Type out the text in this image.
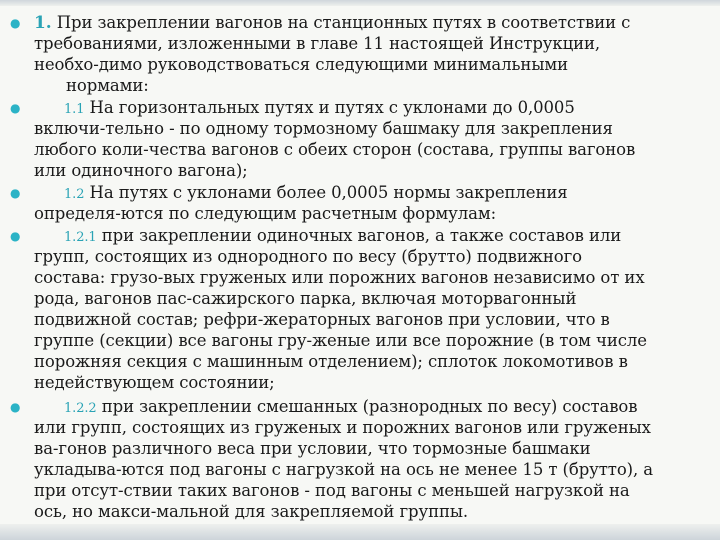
● 1. При закреплении вагонов на станционных путях в соответствии с
требованиями, изложенными в главе 11 настоящей Инструкции,
необхо-димо руководствоваться следующими минимальными
нормами:
●	1.1 На горизонтальных путях и путях с уклонами до 0,0005
включи-тельно - по одному тормозному башмаку для закрепления
любого коли-чества вагонов с обеих сторон (состава, группы вагонов
или одиночного вагона);
●	1.2 На путях с уклонами более 0,0005 нормы закрепления
определя-ются по следующим расчетным формулам:
●	1.2.1 при закреплении одиночных вагонов, а также составов или
групп, состоящих из однородного по весу (брутто) подвижного
состава: грузо-вых груженых или порожних вагонов независимо от их
рода, вагонов пас-сажирского парка, включая моторвагонный
подвижной состав; рефри-жераторных вагонов при условии, что в
группе (секции) все вагоны гру-женые или все порожние (в том числе
порожняя секция с машинным отделением); сплоток локомотивов в
недействующем состоянии;
●	1.2.2 при закреплении смешанных (разнородных по весу) составов
или групп, состоящих из груженых и порожних вагонов или груженых
ва-гонов различного веса при условии, что тормозные башмаки
укладыва-ются под вагоны с нагрузкой на ось не менее 15 т (брутто), а
при отсут-ствии таких вагонов - под вагоны с меньшей нагрузкой на
ось, но макси-мальной для закрепляемой группы.
